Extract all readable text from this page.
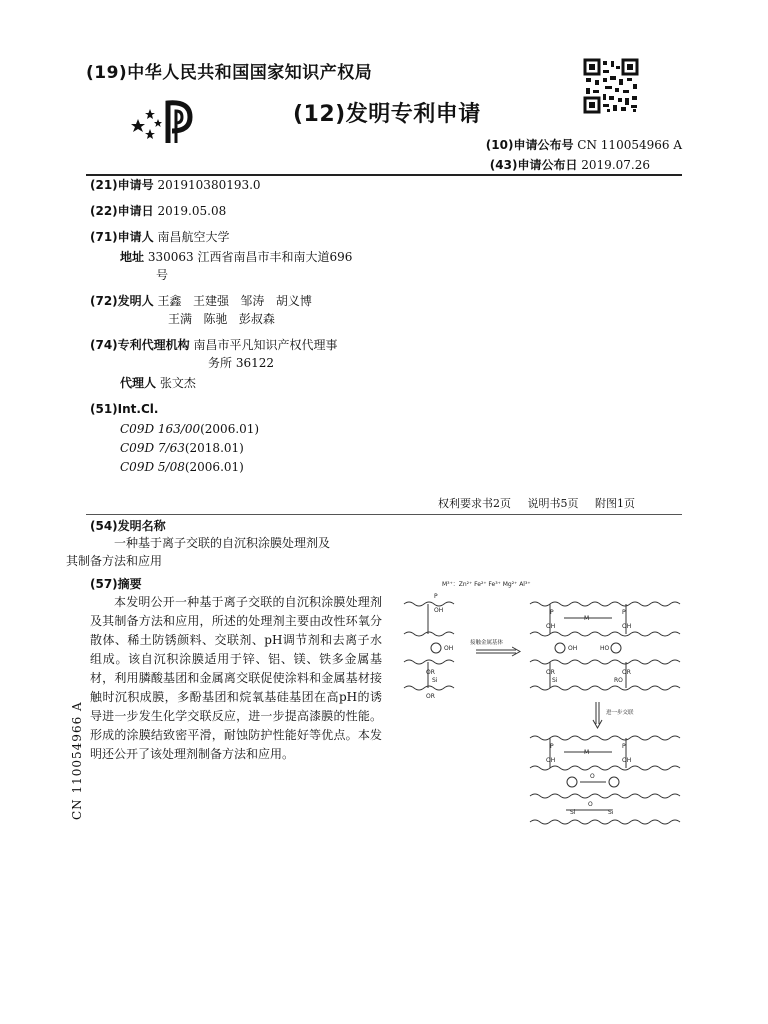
(19)中华人民共和国国家知识产权局
(12)发明专利申请
(10)申请公布号 CN 110054966 A
(43)申请公布日 2019.07.26
(21)申请号 201910380193.0
(22)申请日 2019.05.08
(71)申请人 南昌航空大学
地址 330063 江西省南昌市丰和南大道696
号
(72)发明人 王鑫   王建强   邹涛   胡义博
王满   陈驰   彭叔森
(74)专利代理机构 南昌市平凡知识产权代理事
务所 36122
代理人 张文杰
(51)Int.Cl.
C09D 163/00(2006.01)
C09D 7/63(2018.01)
C09D 5/08(2006.01)
权利要求书2页   说明书5页   附图1页
(54)发明名称
一种基于离子交联的自沉积涂膜处理剂及
其制备方法和应用
(57)摘要
本发明公开一种基于离子交联的自沉积涂膜处理剂及其制备方法和应用，所述的处理剂主要由改性环氧分散体、稀土防锈颜料、交联剂、pH调节剂和去离子水组成。该自沉积涂膜适用于锌、铝、镁、铁多金属基材，利用膦酸基团和金属离交联促使涂料和金属基材接触时沉积成膜，多酚基团和烷氧基硅基团在高pH的诱导进一步发生化学交联反应，进一步提高漆膜的性能。形成的涂膜结致密平滑，耐蚀防护性能好等优点。本发明还公开了该处理剂制备方法和应用。
CN 110054966 A
M³⁺：Zn²⁺ Fe²⁺ Fe³⁺ Mg²⁺ Al³⁺
P
OH
OH
OR
Si
OR
接触金属基体
M
P	P
OH	OH
OH	HO
OR	OR
Si	RO
进一步交联
M
P	P
OH	OH
O
Si	Si
O
